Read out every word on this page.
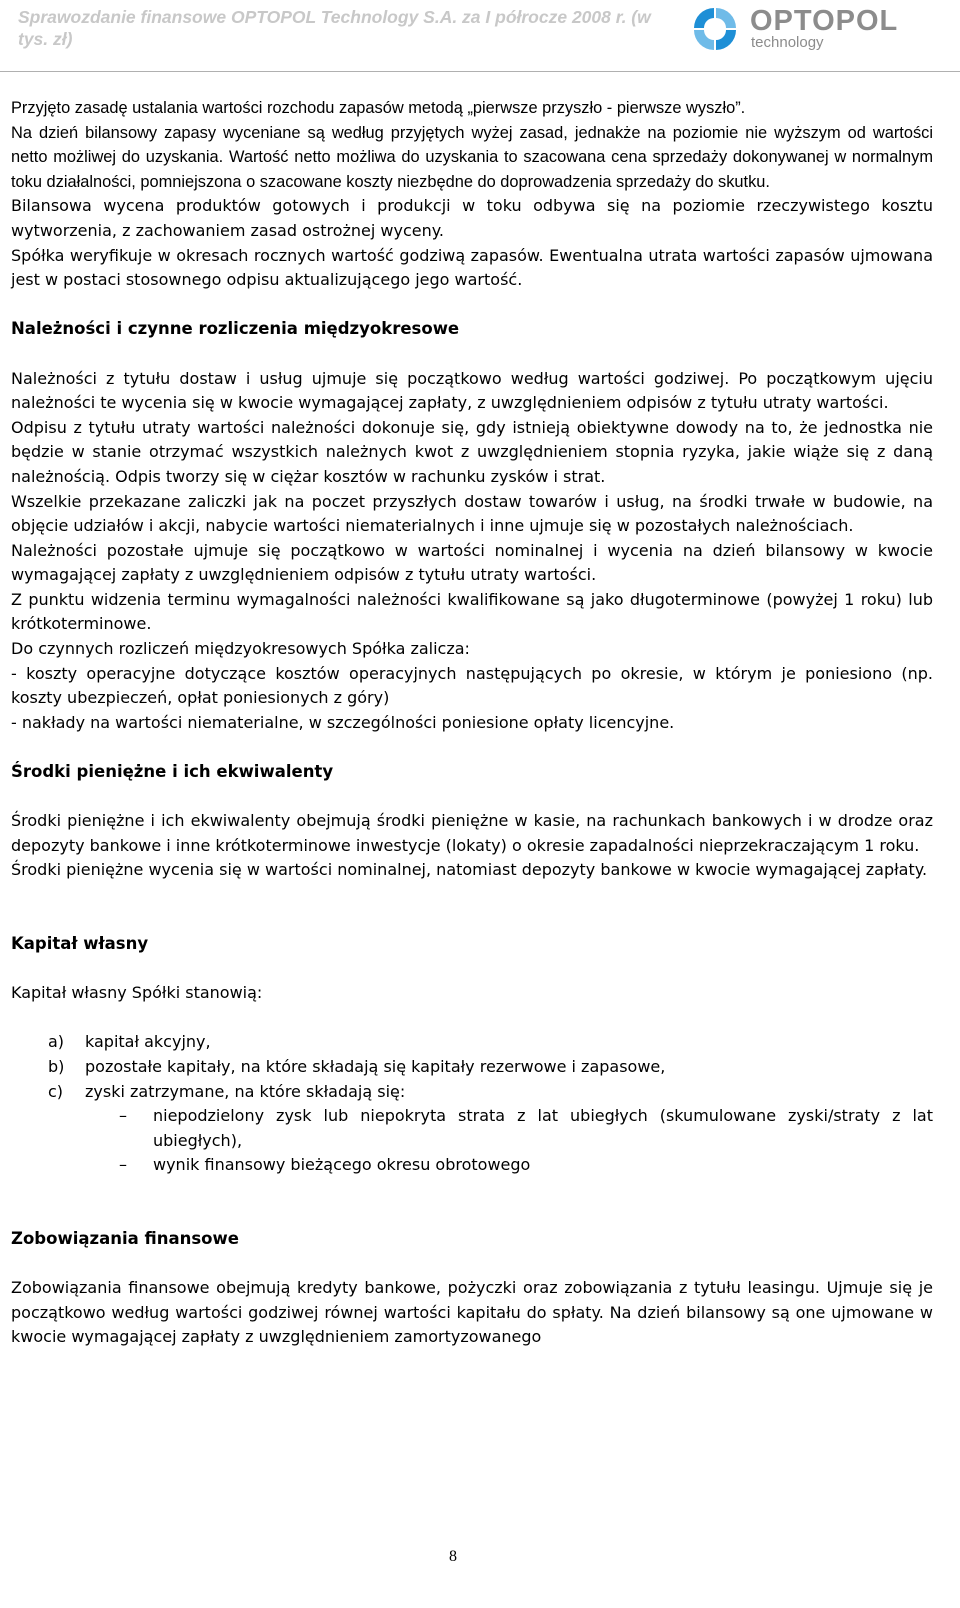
Sprawozdanie finansowe OPTOPOL Technology S.A. za I półrocze 2008 r. (w tys. zł)
OPTOPOL
technology

Przyjęto zasadę ustalania wartości rozchodu zapasów metodą „pierwsze przyszło - pierwsze wyszło”.

Na dzień bilansowy zapasy wyceniane są według przyjętych wyżej zasad, jednakże na poziomie nie wyższym od wartości netto możliwej do uzyskania. Wartość netto możliwa do uzyskania to szacowana cena sprzedaży dokonywanej w normalnym toku działalności, pomniejszona o szacowane koszty niezbędne do doprowadzenia sprzedaży do skutku.

Bilansowa wycena produktów gotowych i produkcji w toku odbywa się na poziomie rzeczywistego kosztu wytworzenia, z zachowaniem zasad ostrożnej wyceny.

Spółka weryfikuje w okresach rocznych wartość godziwą zapasów. Ewentualna utrata wartości zapasów ujmowana jest w postaci stosownego odpisu aktualizującego jego wartość.

Należności i czynne rozliczenia międzyokresowe

Należności z tytułu dostaw i usług ujmuje się początkowo według wartości godziwej. Po początkowym ujęciu należności te wycenia się w kwocie wymagającej zapłaty, z uwzględnieniem odpisów z tytułu utraty wartości.

Odpisu z tytułu utraty wartości należności dokonuje się, gdy istnieją obiektywne dowody na to, że jednostka nie będzie w stanie otrzymać wszystkich należnych kwot z uwzględnieniem stopnia ryzyka, jakie wiąże się z daną należnością. Odpis tworzy się w ciężar kosztów w rachunku zysków i strat.

Wszelkie przekazane zaliczki jak na poczet przyszłych dostaw towarów i usług, na środki trwałe w budowie, na objęcie udziałów i akcji, nabycie wartości niematerialnych i inne ujmuje się w pozostałych należnościach.

Należności pozostałe ujmuje się początkowo w wartości nominalnej i wycenia na dzień bilansowy w kwocie wymagającej zapłaty z uwzględnieniem odpisów z tytułu utraty wartości.

Z punktu widzenia terminu wymagalności należności kwalifikowane są jako długoterminowe (powyżej 1 roku) lub krótkoterminowe.

Do czynnych rozliczeń międzyokresowych Spółka zalicza:

- koszty operacyjne dotyczące kosztów operacyjnych następujących po okresie, w którym je poniesiono (np. koszty ubezpieczeń, opłat poniesionych z góry)

- nakłady na wartości niematerialne, w szczególności poniesione opłaty licencyjne.

Środki pieniężne i ich ekwiwalenty

Środki pieniężne i ich ekwiwalenty obejmują środki pieniężne w kasie, na rachunkach bankowych i w drodze oraz depozyty bankowe i inne krótkoterminowe inwestycje (lokaty) o okresie zapadalności nieprzekraczającym 1 roku.

Środki pieniężne wycenia się w wartości nominalnej, natomiast depozyty bankowe w kwocie wymagającej zapłaty.

Kapitał własny

Kapitał własny Spółki stanowią:

a) kapitał akcyjny,
b) pozostałe kapitały, na które składają się kapitały rezerwowe i zapasowe,
c) zyski zatrzymane, na które składają się:
– niepodzielony zysk lub niepokryta strata z lat ubiegłych (skumulowane zyski/straty z lat ubiegłych),
– wynik finansowy bieżącego okresu obrotowego

Zobowiązania finansowe

Zobowiązania finansowe obejmują kredyty bankowe, pożyczki oraz zobowiązania z tytułu leasingu. Ujmuje się je początkowo według wartości godziwej równej wartości kapitału do spłaty. Na dzień bilansowy są one ujmowane w kwocie wymagającej zapłaty z uwzględnieniem zamortyzowanego

8
